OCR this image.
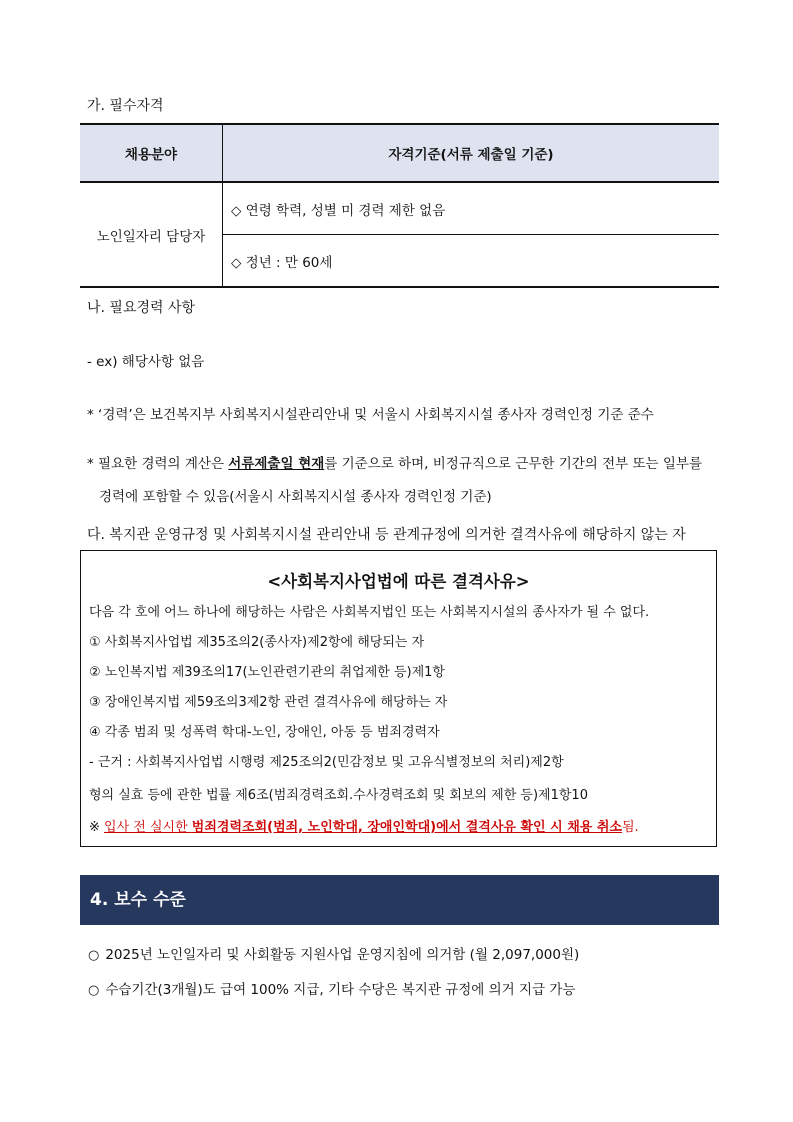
가. 필수자격
채용분야	자격기준(서류 제출일 기준)
노인일자리 담당자	◇ 연령 학력, 성별 미 경력 제한 없음
	◇ 정년 : 만 60세
나. 필요경력 사항
- ex) 해당사항 없음
* ‘경력’은 보건복지부 사회복지시설관리안내 및 서울시 사회복지시설 종사자 경력인정 기준 준수
* 필요한 경력의 계산은 서류제출일 현재를 기준으로 하며, 비정규직으로 근무한 기간의 전부 또는 일부를
경력에 포함할 수 있음(서울시 사회복지시설 종사자 경력인정 기준)
다. 복지관 운영규정 및 사회복지시설 관리안내 등 관계규정에 의거한 결격사유에 해당하지 않는 자
<사회복지사업법에 따른 결격사유>
다음 각 호에 어느 하나에 해당하는 사람은 사회복지법인 또는 사회복지시설의 종사자가 될 수 없다.
① 사회복지사업법 제35조의2(종사자)제2항에 해당되는 자
② 노인복지법 제39조의17(노인관련기관의 취업제한 등)제1항
③ 장애인복지법 제59조의3제2항 관련 결격사유에 해당하는 자
④ 각종 범죄 및 성폭력 학대-노인, 장애인, 아동 등 범죄경력자
- 근거 : 사회복지사업법 시행령 제25조의2(민감정보 및 고유식별정보의 처리)제2항
형의 실효 등에 관한 법률 제6조(범죄경력조회.수사경력조회 및 회보의 제한 등)제1항10
※ 입사 전 실시한 범죄경력조회(범죄, 노인학대, 장애인학대)에서 결격사유 확인 시 채용 취소됨.
4. 보수 수준
○ 2025년 노인일자리 및 사회활동 지원사업 운영지침에 의거함 (월 2,097,000원)
○ 수습기간(3개월)도 급여 100% 지급, 기타 수당은 복지관 규정에 의거 지급 가능
